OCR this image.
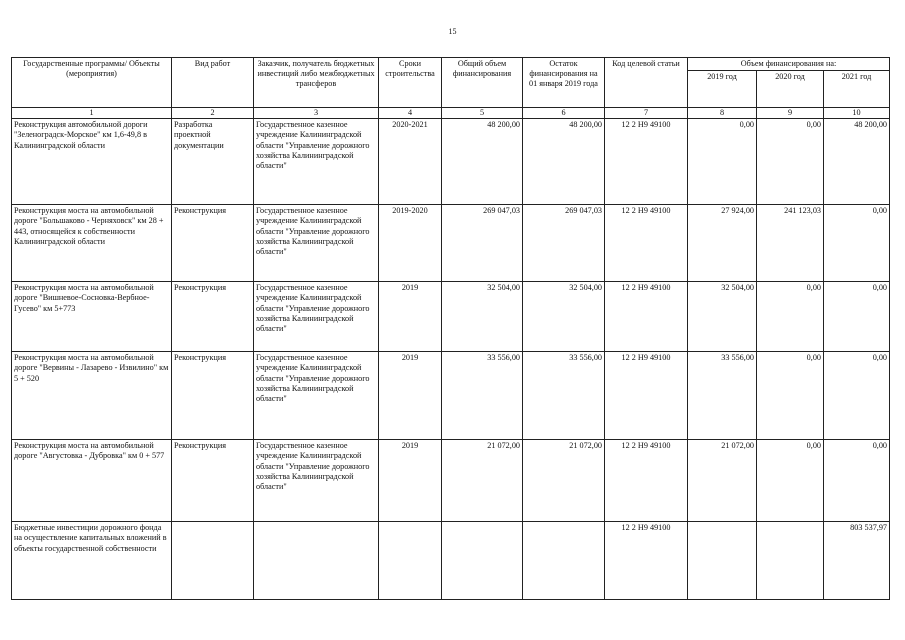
15
Государственные программы/ Объекты (мероприятия)	Вид работ	Заказчик, получатель бюджетных инвестиций либо межбюджетных трансферов	Сроки строительства	Общий объем финансирования	Остаток финансирования на 01 января 2019 года	Код целевой статьи	Объем финансирования на:		
							2019 год	2020 год	2021 год
1	2	3	4	5	6	7	8	9	10
Реконструкция автомобильной дороги "Зеленоградск-Морское" км 1,6-49,8 в Калининградской области	Разработка проектной документации	Государственное казенное учреждение Калининградской области "Управление дорожного хозяйства Калининградской области"	2020-2021	48 200,00	48 200,00	12 2 Н9 49100	0,00	0,00	48 200,00
Реконструкция моста на автомобильной дороге "Большаково - Черняховск" км 28 + 443, относящейся к собственности Калининградской области	Реконструкция	Государственное казенное учреждение Калининградской области "Управление дорожного хозяйства Калининградской области"	2019-2020	269 047,03	269 047,03	12 2 Н9 49100	27 924,00	241 123,03	0,00
Реконструкция моста на автомобильной дороге "Вишневое-Сосновка-Вербное-Гусево" км 5+773	Реконструкция	Государственное казенное учреждение Калининградской области "Управление дорожного хозяйства Калининградской области"	2019	32 504,00	32 504,00	12 2 Н9 49100	32 504,00	0,00	0,00
Реконструкция моста на автомобильной дороге "Вервины - Лазарево - Извилино" км 5 + 520	Реконструкция	Государственное казенное учреждение Калининградской области "Управление дорожного хозяйства Калининградской области"	2019	33 556,00	33 556,00	12 2 Н9 49100	33 556,00	0,00	0,00
Реконструкция моста на автомобильной дороге "Августовка - Дубровка" км 0 + 577	Реконструкция	Государственное казенное учреждение Калининградской области "Управление дорожного хозяйства Калининградской области"	2019	21 072,00	21 072,00	12 2 Н9 49100	21 072,00	0,00	0,00
Бюджетные инвестиции дорожного фонда на осуществление капитальных вложений в объекты государственной собственности						12 2 Н9 49100			803 537,97
